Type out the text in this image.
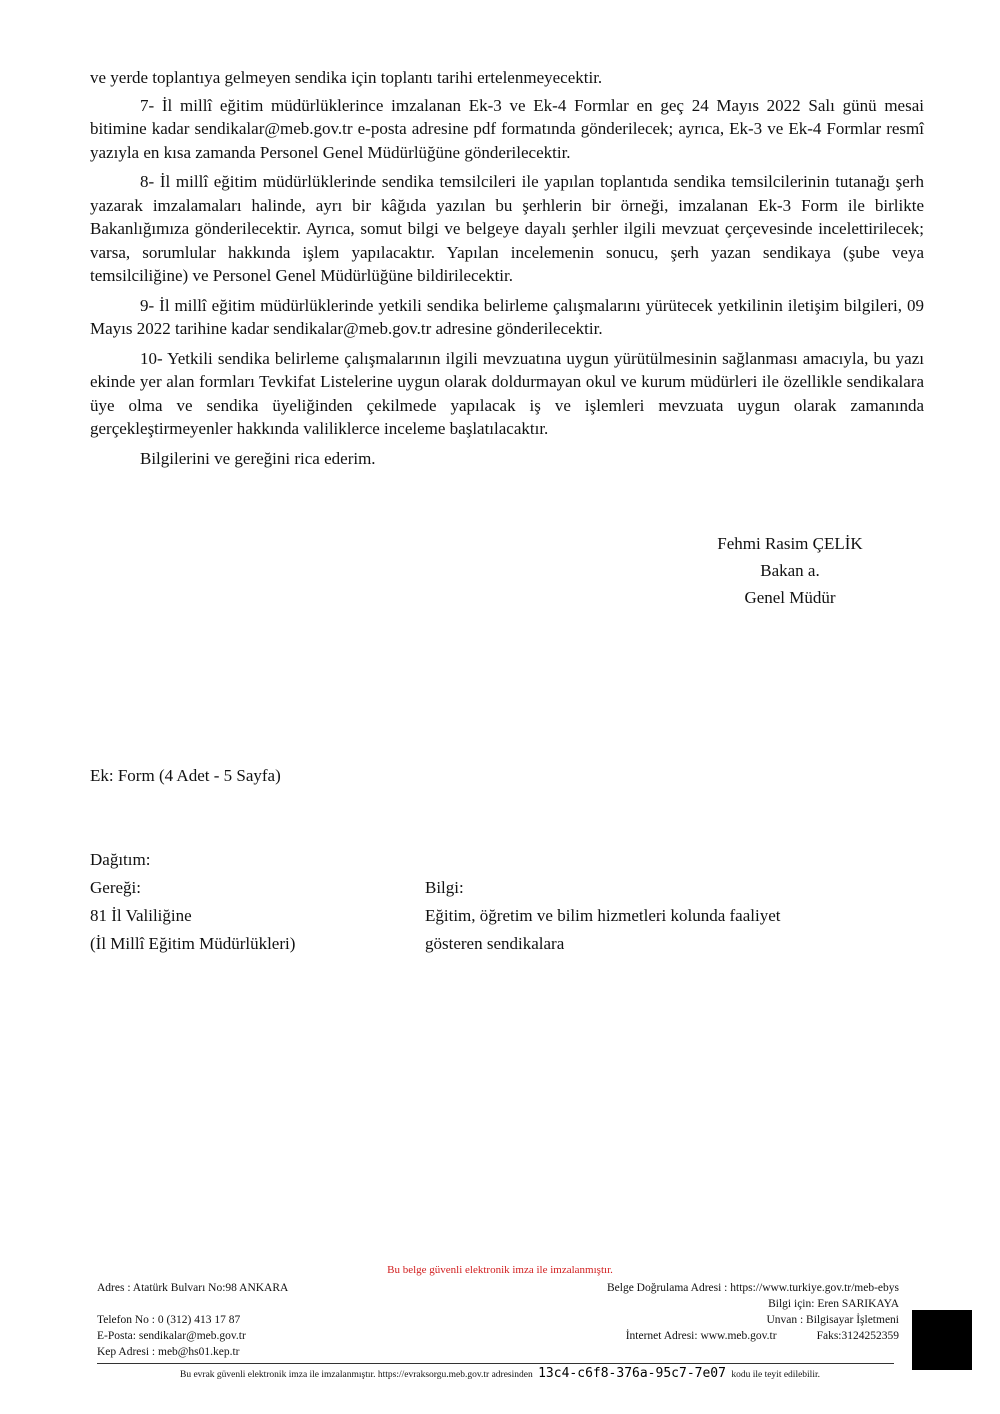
ve yerde toplantıya gelmeyen sendika için toplantı tarihi ertelenmeyecektir.

7- İl millî eğitim müdürlüklerince imzalanan Ek-3 ve Ek-4 Formlar en geç 24 Mayıs 2022 Salı günü mesai bitimine kadar sendikalar@meb.gov.tr e-posta adresine pdf formatında gönderilecek; ayrıca, Ek-3 ve Ek-4 Formlar resmî yazıyla en kısa zamanda Personel Genel Müdürlüğüne gönderilecektir.

8- İl millî eğitim müdürlüklerinde sendika temsilcileri ile yapılan toplantıda sendika temsilcilerinin tutanağı şerh yazarak imzalamaları halinde, ayrı bir kâğıda yazılan bu şerhlerin bir örneği, imzalanan Ek-3 Form ile birlikte Bakanlığımıza gönderilecektir. Ayrıca, somut bilgi ve belgeye dayalı şerhler ilgili mevzuat çerçevesinde incelettirilecek; varsa, sorumlular hakkında işlem yapılacaktır. Yapılan incelemenin sonucu, şerh yazan sendikaya (şube veya temsilciliğine) ve Personel Genel Müdürlüğüne bildirilecektir.

9- İl millî eğitim müdürlüklerinde yetkili sendika belirleme çalışmalarını yürütecek yetkilinin iletişim bilgileri, 09 Mayıs 2022 tarihine kadar sendikalar@meb.gov.tr adresine gönderilecektir.

10- Yetkili sendika belirleme çalışmalarının ilgili mevzuatına uygun yürütülmesinin sağlanması amacıyla, bu yazı ekinde yer alan formları Tevkifat Listelerine uygun olarak doldurmayan okul ve kurum müdürleri ile özellikle sendikalara üye olma ve sendika üyeliğinden çekilmede yapılacak iş ve işlemleri mevzuata uygun olarak zamanında gerçekleştirmeyenler hakkında valiliklerce inceleme başlatılacaktır.

Bilgilerini ve gereğini rica ederim.

Fehmi Rasim ÇELİK
Bakan a.
Genel Müdür
Ek: Form (4 Adet - 5 Sayfa)
Dağıtım:
Gereği:
81 İl Valiliğine
(İl Millî Eğitim Müdürlükleri)
Bilgi:
Eğitim, öğretim ve bilim hizmetleri kolunda faaliyet
gösteren sendikalara
Bu belge güvenli elektronik imza ile imzalanmıştır.
Adres : Atatürk Bulvarı No:98 ANKARA
Telefon No : 0 (312) 413 17 87
E-Posta: sendikalar@meb.gov.tr
Kep Adresi : meb@hs01.kep.tr
Belge Doğrulama Adresi : https://www.turkiye.gov.tr/meb-ebys
Bilgi için: Eren SARIKAYA
Unvan : Bilgisayar İşletmeni
İnternet Adresi: www.meb.gov.tr	Faks:3124252359
Bu evrak güvenli elektronik imza ile imzalanmıştır. https://evraksorgu.meb.gov.tr adresinden 13c4-c6f8-376a-95c7-7e07 kodu ile teyit edilebilir.
